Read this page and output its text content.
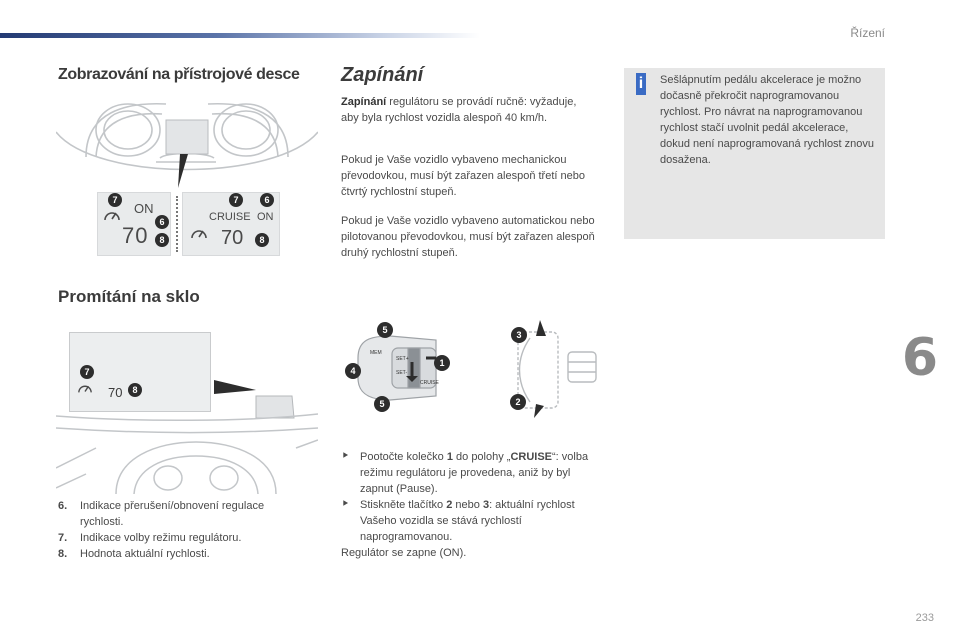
Řízení
6
233
Zobrazování na přístrojové desce
7
ON
6
70	8
7	6
CRUISE ON
70	8
Promítání na sklo
7
70	8
6.	Indikace přerušení/obnovení regulace rychlosti.
7.	Indikace volby režimu regulátoru.
8.	Hodnota aktuální rychlosti.
Zapínání
Zapínání regulátoru se provádí ručně: vyžaduje, aby byla rychlost vozidla alespoň 40 km/h.
Pokud je Vaše vozidlo vybaveno mechanickou převodovkou, musí být zařazen alespoň třetí nebo čtvrtý rychlostní stupeň.
Pokud je Vaše vozidlo vybaveno automatickou nebo pilotovanou převodovkou, musí být zařazen alespoň druhý rychlostní stupeň.
i Sešlápnutím pedálu akcelerace je možno dočasně překročit naprogramovanou rychlost. Pro návrat na naprogramovanou rychlost stačí uvolnit pedál akcelerace, dokud není naprogramovaná rychlost znovu dosažena.
MEM
SET+
SET-
CRUISE
5
4
1
5
3
2
⯈	Pootočte kolečko 1 do polohy „CRUISE“: volba režimu regulátoru je provedena, aniž by byl zapnut (Pause).
⯈	Stiskněte tlačítko 2 nebo 3: aktuální rychlost Vašeho vozidla se stává rychlostí naprogramovanou.
Regulátor se zapne (ON).
